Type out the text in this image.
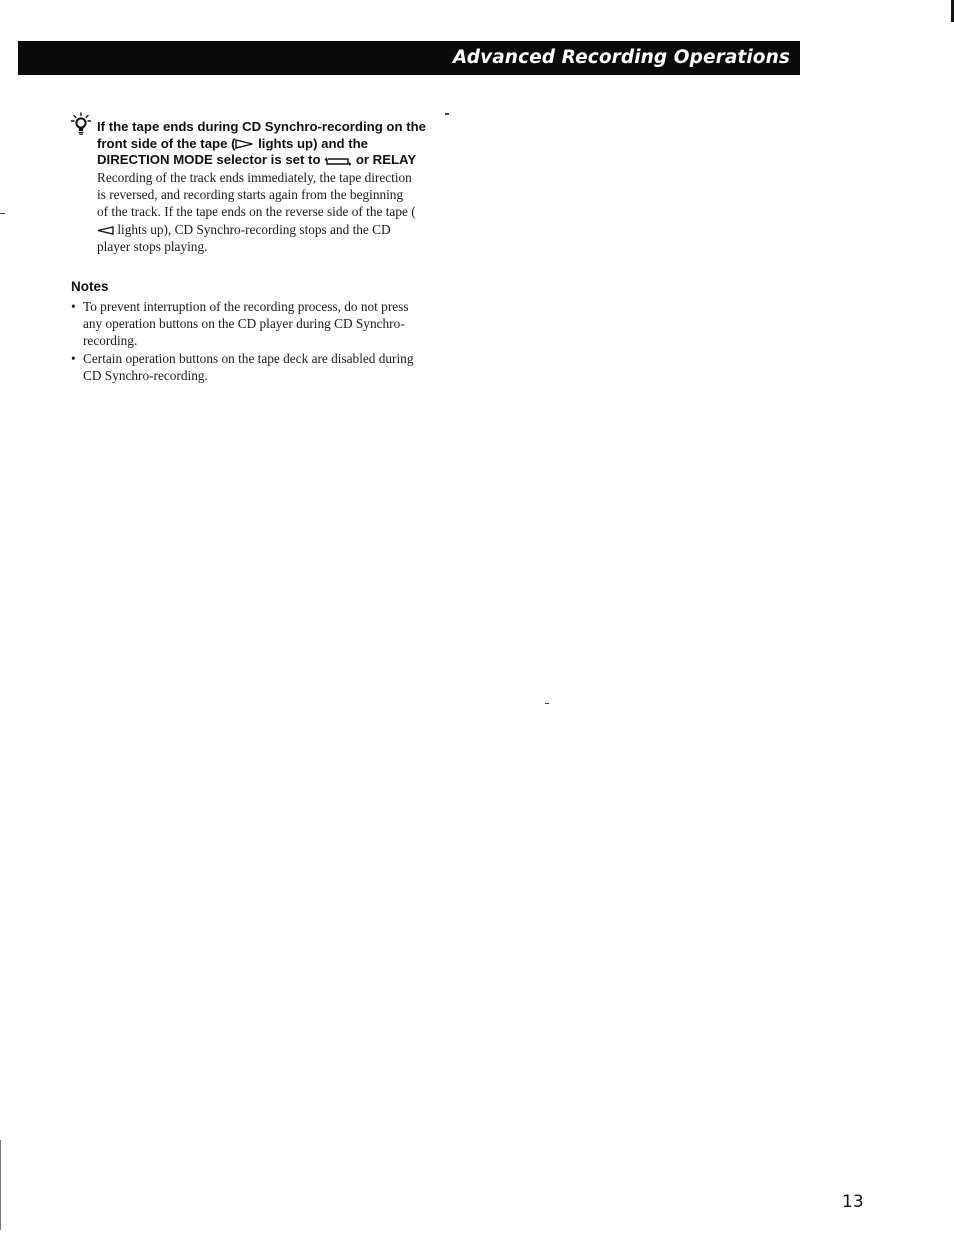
Advanced Recording Operations
If the tape ends during CD Synchro-recording on the front side of the tape ( lights up) and the DIRECTION MODE selector is set to  or RELAY
Recording of the track ends immediately, the tape direction is reversed, and recording starts again from the beginning of the track. If the tape ends on the reverse side of the tape ( lights up), CD Synchro-recording stops and the CD player stops playing.
Notes
• To prevent interruption of the recording process, do not press any operation buttons on the CD player during CD Synchro-recording.
• Certain operation buttons on the tape deck are disabled during CD Synchro-recording.
13
